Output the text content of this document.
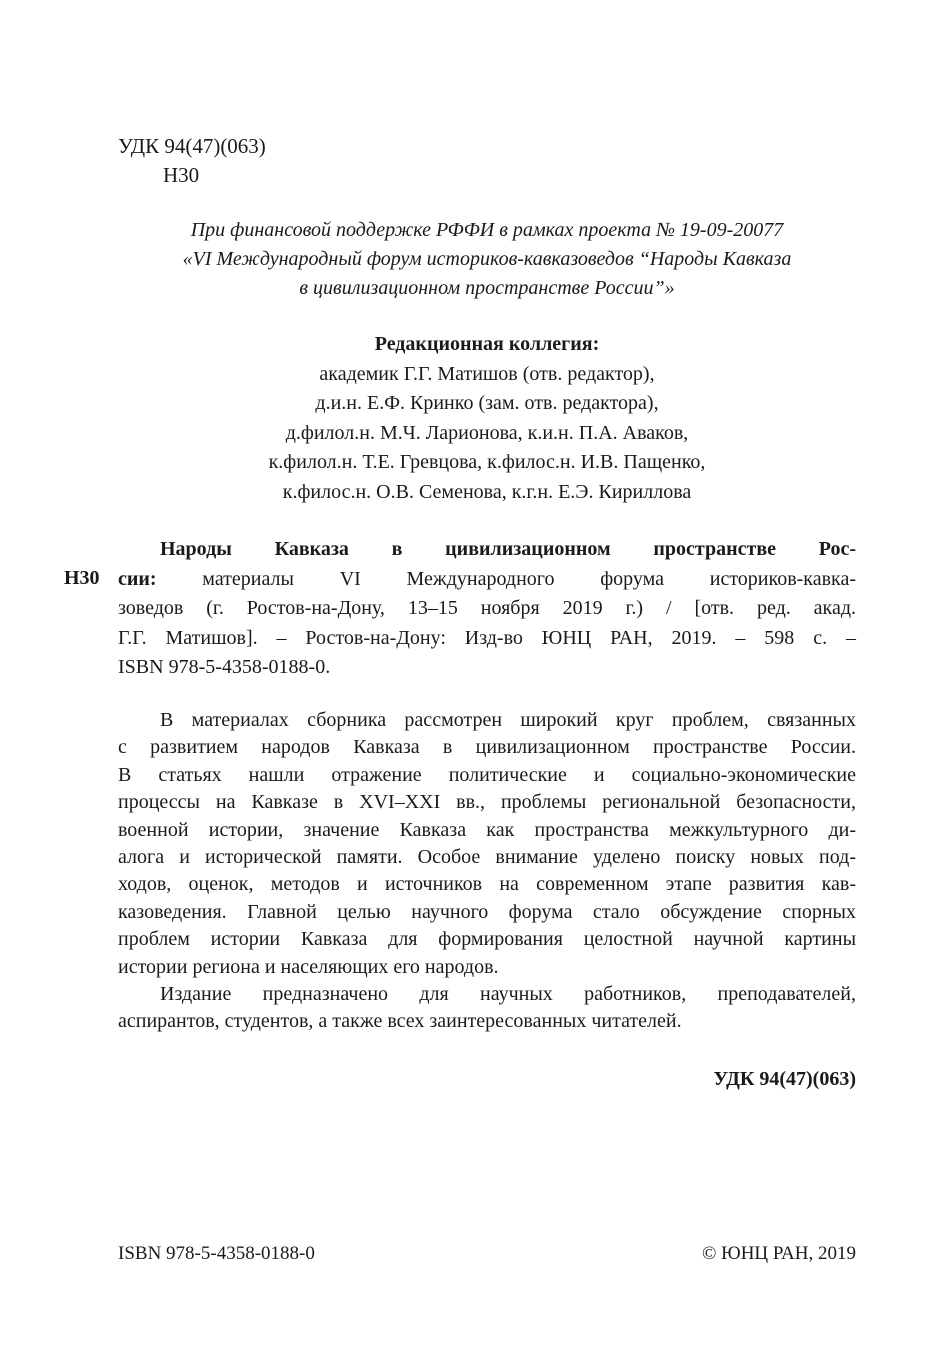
УДК 94(47)(063)
Н30
При финансовой поддержке РФФИ в рамках проекта № 19-09-20077
«VI Международный форум историков-кавказоведов “Народы Кавказа
в цивилизационном пространстве России”»
Редакционная коллегия:
академик Г.Г. Матишов (отв. редактор),
д.и.н. Е.Ф. Кринко (зам. отв. редактора),
д.филол.н. М.Ч. Ларионова, к.и.н. П.А. Аваков,
к.филол.н. Т.Е. Гревцова, к.филос.н. И.В. Пащенко,
к.филос.н. О.В. Семенова, к.г.н. Е.Э. Кириллова
Н30
Народы Кавказа в цивилизационном пространстве Рос-
сии: материалы VI Международного форума историков-кавка-
зоведов (г. Ростов-на-Дону, 13–15 ноября 2019 г.) / [отв. ред. акад.
Г.Г. Матишов]. – Ростов-на-Дону: Изд-во ЮНЦ РАН, 2019. – 598 с. –
ISBN 978-5-4358-0188-0.
В материалах сборника рассмотрен широкий круг проблем, связанных
с развитием народов Кавказа в цивилизационном пространстве России.
В статьях нашли отражение политические и социально-экономические
процессы на Кавказе в XVI–XXI вв., проблемы региональной безопасности,
военной истории, значение Кавказа как пространства межкультурного ди-
алога и исторической памяти. Особое внимание уделено поиску новых под-
ходов, оценок, методов и источников на современном этапе развития кав-
казоведения. Главной целью научного форума стало обсуждение спорных
проблем истории Кавказа для формирования целостной научной картины
истории региона и населяющих его народов.
Издание предназначено для научных работников, преподавателей,
аспирантов, студентов, а также всех заинтересованных читателей.
УДК 94(47)(063)
ISBN 978-5-4358-0188-0	© ЮНЦ РАН, 2019
